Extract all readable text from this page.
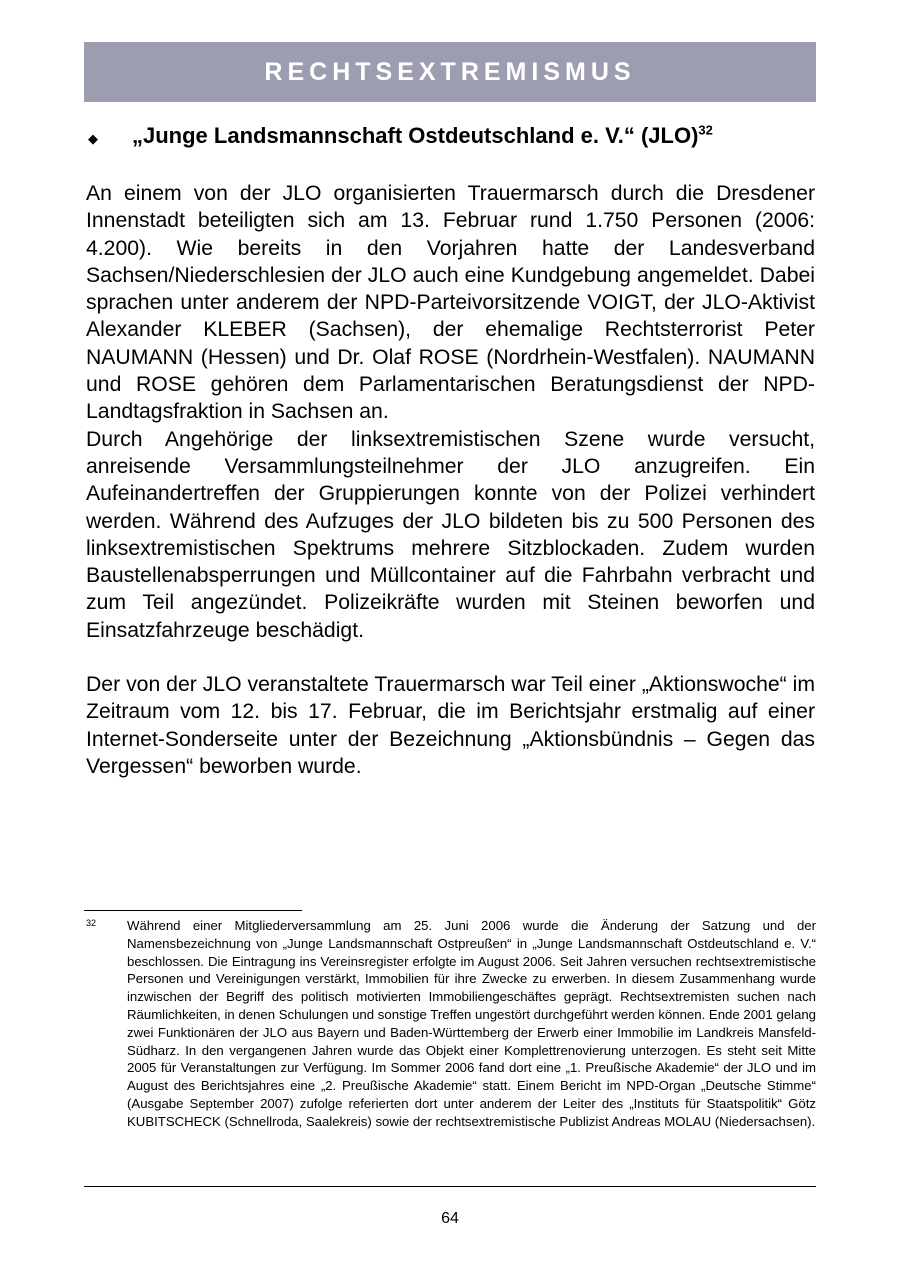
RECHTSEXTREMISMUS
◆	„Junge Landsmannschaft Ostdeutschland e. V.“ (JLO)$^{32}$

An einem von der JLO organisierten Trauermarsch durch die Dresdener Innenstadt beteiligten sich am 13. Februar rund 1.750 Personen (2006: 4.200). Wie bereits in den Vorjahren hatte der Landesverband Sachsen/Niederschlesien der JLO auch eine Kundgebung angemeldet. Dabei sprachen unter anderem der NPD-Parteivorsitzende VOIGT, der JLO-Aktivist Alexander KLEBER (Sachsen), der ehemalige Rechtsterrorist Peter NAUMANN (Hessen) und Dr. Olaf ROSE (Nordrhein-Westfalen). NAUMANN und ROSE gehören dem Parlamentarischen Beratungsdienst der NPD-Landtagsfraktion in Sachsen an.

Durch Angehörige der linksextremistischen Szene wurde versucht, anreisende Versammlungsteilnehmer der JLO anzugreifen. Ein Aufeinandertreffen der Gruppierungen konnte von der Polizei verhindert werden. Während des Aufzuges der JLO bildeten bis zu 500 Personen des linksextremistischen Spektrums mehrere Sitzblockaden. Zudem wurden Baustellenabsperrungen und Müllcontainer auf die Fahrbahn verbracht und zum Teil angezündet. Polizeikräfte wurden mit Steinen beworfen und Einsatzfahrzeuge beschädigt.

Der von der JLO veranstaltete Trauermarsch war Teil einer „Aktionswoche“ im Zeitraum vom 12. bis 17. Februar, die im Berichtsjahr erstmalig auf einer Internet-Sonderseite unter der Bezeichnung „Aktionsbündnis – Gegen das Vergessen“ beworben wurde.

32 Während einer Mitgliederversammlung am 25. Juni 2006 wurde die Änderung der Satzung und der Namensbezeichnung von „Junge Landsmannschaft Ostpreußen“ in „Junge Landsmannschaft Ostdeutschland e. V.“ beschlossen. Die Eintragung ins Vereinsregister erfolgte im August 2006. Seit Jahren versuchen rechtsextremistische Personen und Vereinigungen verstärkt, Immobilien für ihre Zwecke zu erwerben. In diesem Zusammenhang wurde inzwischen der Begriff des politisch motivierten Immobiliengeschäftes geprägt. Rechtsextremisten suchen nach Räumlichkeiten, in denen Schulungen und sonstige Treffen ungestört durchgeführt werden können. Ende 2001 gelang zwei Funktionären der JLO aus Bayern und Baden-Württemberg der Erwerb einer Immobilie im Landkreis Mansfeld-Südharz. In den vergangenen Jahren wurde das Objekt einer Komplettrenovierung unterzogen. Es steht seit Mitte 2005 für Veranstaltungen zur Verfügung. Im Sommer 2006 fand dort eine „1. Preußische Akademie“ der JLO und im August des Berichtsjahres eine „2. Preußische Akademie“ statt. Einem Bericht im NPD-Organ „Deutsche Stimme“ (Ausgabe September 2007) zufolge referierten dort unter anderem der Leiter des „Instituts für Staatspolitik“ Götz KUBITSCHECK (Schnellroda, Saalekreis) sowie der rechtsextremistische Publizist Andreas MOLAU (Niedersachsen).
64
